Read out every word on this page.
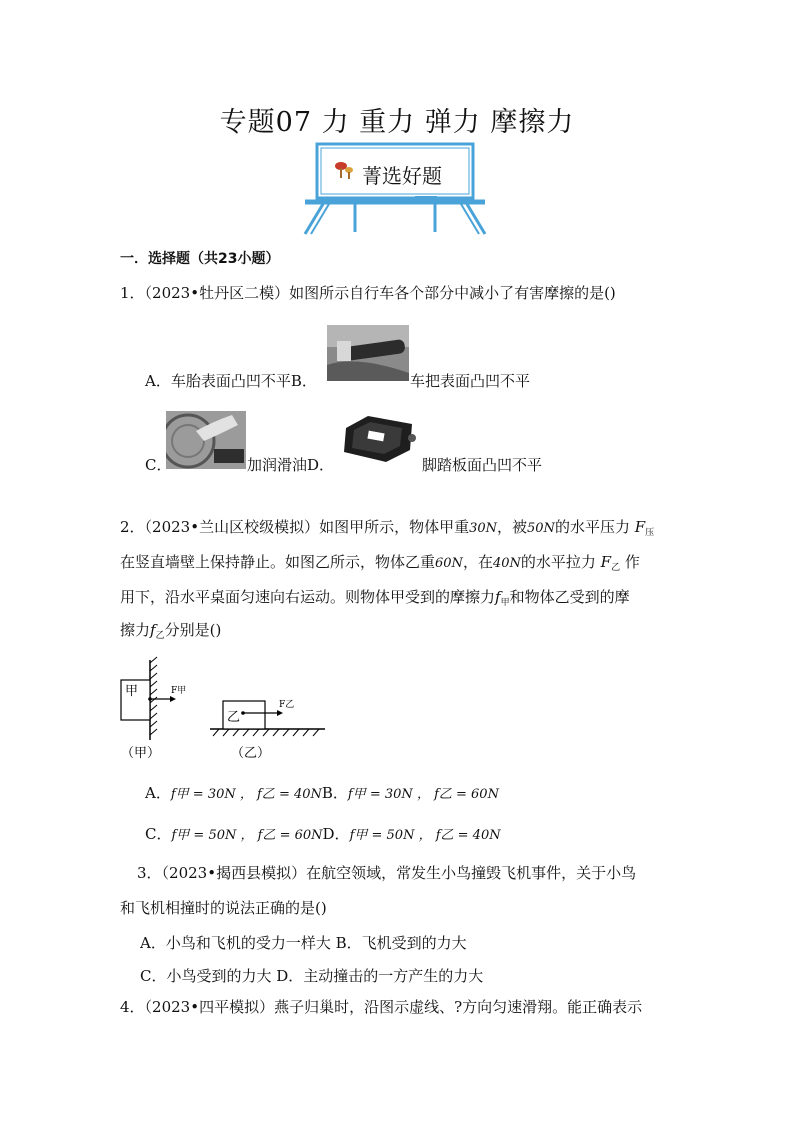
专题07 力 重力 弹力 摩擦力
菁选好题
一．选择题（共23小题）
1．（2023•牡丹区二模）如图所示自行车各个部分中减小了有害摩擦的是()
A．车胎表面凸凹不平B．	车把表面凸凹不平
C．	加润滑油D．	脚踏板面凸凹不平
2．（2023•兰山区校级模拟）如图甲所示，物体甲重30N，被50N的水平压力 $F_压$
在竖直墙壁上保持静止。如图乙所示，物体乙重60N，在40N的水平拉力 $F_乙$ 作
用下，沿水平桌面匀速向右运动。则物体甲受到的摩擦力$f_甲$和物体乙受到的摩
擦力$f_乙$分别是()
甲	F甲
乙
F乙
（甲）	（乙）
A．f甲 = 30N ， f乙 = 40NB．f甲 = 30N ， f乙 = 60N
C．f甲 = 50N ， f乙 = 60ND．f甲 = 50N ， f乙 = 40N
3．（2023•揭西县模拟）在航空领域，常发生小鸟撞毁飞机事件，关于小鸟
和飞机相撞时的说法正确的是()
A．小鸟和飞机的受力一样大 B．飞机受到的力大
C．小鸟受到的力大 D．主动撞击的一方产生的力大
4．（2023•四平模拟）燕子归巢时，沿图示虚线、?方向匀速滑翔。能正确表示
